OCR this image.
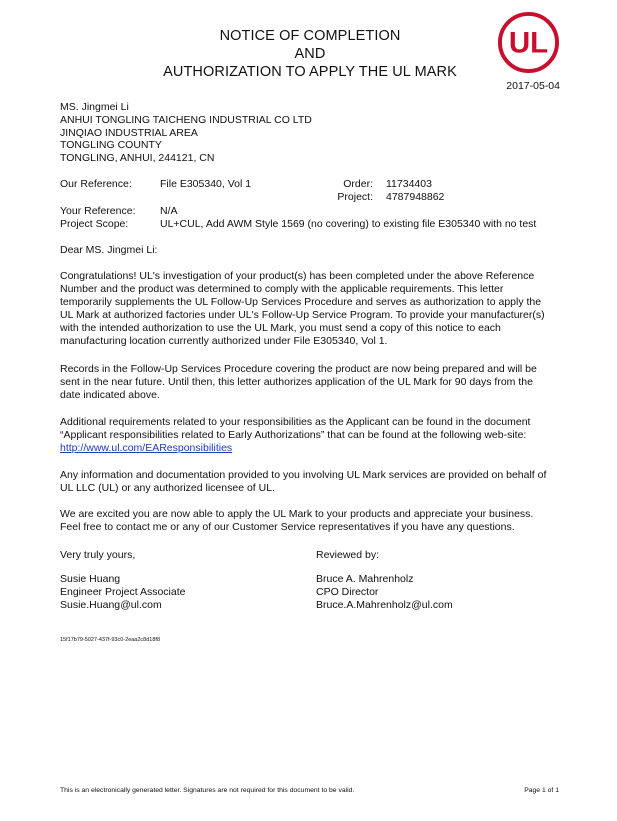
NOTICE OF COMPLETION
AND
AUTHORIZATION TO APPLY THE UL MARK
UL
2017-05-04
MS. Jingmei Li
ANHUI TONGLING TAICHENG INDUSTRIAL CO LTD
JINQIAO INDUSTRIAL AREA
TONGLING COUNTY
TONGLING, ANHUI, 244121, CN
Our Reference:	File E305340, Vol 1	Order: 11734403
Project: 4787948862
Your Reference: N/A
Project Scope:	UL+CUL, Add AWM Style 1569 (no covering) to existing file E305340 with no test
Dear MS. Jingmei Li:
Congratulations! UL's investigation of your product(s) has been completed under the above Reference
Number and the product was determined to comply with the applicable requirements. This letter
temporarily supplements the UL Follow-Up Services Procedure and serves as authorization to apply the
UL Mark at authorized factories under UL's Follow-Up Service Program. To provide your manufacturer(s)
with the intended authorization to use the UL Mark, you must send a copy of this notice to each
manufacturing location currently authorized under File E305340, Vol 1.
Records in the Follow-Up Services Procedure covering the product are now being prepared and will be
sent in the near future. Until then, this letter authorizes application of the UL Mark for 90 days from the
date indicated above.
Additional requirements related to your responsibilities as the Applicant can be found in the document
“Applicant responsibilities related to Early Authorizations” that can be found at the following web-site:
http://www.ul.com/EAResponsibilities
Any information and documentation provided to you involving UL Mark services are provided on behalf of
UL LLC (UL) or any authorized licensee of UL.
We are excited you are now able to apply the UL Mark to your products and appreciate your business.
Feel free to contact me or any of our Customer Service representatives if you have any questions.
Very truly yours,	Reviewed by:
Susie Huang
Engineer Project Associate
Susie.Huang@ul.com
Bruce A. Mahrenholz
CPO Director
Bruce.A.Mahrenholz@ul.com
15f17b79-5027-437f-93c0-2eaa2c8d18f8
This is an electronically generated letter. Signatures are not required for this document to be valid.	Page 1 of 1
